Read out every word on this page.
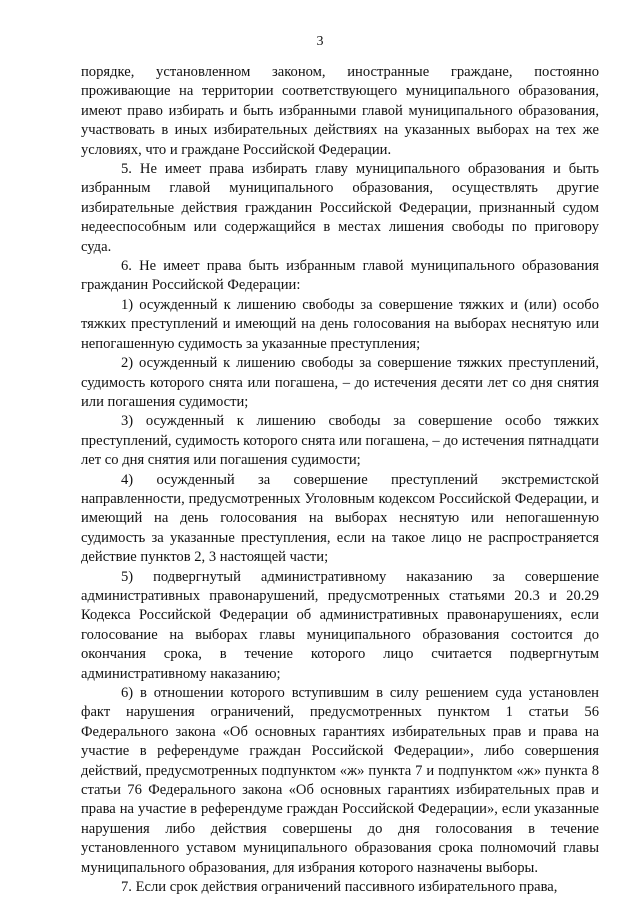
3

порядке, установленном законом, иностранные граждане, постоянно проживающие на территории соответствующего муниципального образования, имеют право избирать и быть избранными главой муниципального образования, участвовать в иных избирательных действиях на указанных выборах на тех же условиях, что и граждане Российской Федерации.

5. Не имеет права избирать главу муниципального образования и быть избранным главой муниципального образования, осуществлять другие избирательные действия гражданин Российской Федерации, признанный судом недееспособным или содержащийся в местах лишения свободы по приговору суда.

6. Не имеет права быть избранным главой муниципального образования гражданин Российской Федерации:

1) осужденный к лишению свободы за совершение тяжких и (или) особо тяжких преступлений и имеющий на день голосования на выборах неснятую или непогашенную судимость за указанные преступления;

2) осужденный к лишению свободы за совершение тяжких преступлений, судимость которого снята или погашена, – до истечения десяти лет со дня снятия или погашения судимости;

3) осужденный к лишению свободы за совершение особо тяжких преступлений, судимость которого снята или погашена, – до истечения пятнадцати лет со дня снятия или погашения судимости;

4) осужденный за совершение преступлений экстремистской направленности, предусмотренных Уголовным кодексом Российской Федерации, и имеющий на день голосования на выборах неснятую или непогашенную судимость за указанные преступления, если на такое лицо не распространяется действие пунктов 2, 3 настоящей части;

5) подвергнутый административному наказанию за совершение административных правонарушений, предусмотренных статьями 20.3 и 20.29 Кодекса Российской Федерации об административных правонарушениях, если голосование на выборах главы муниципального образования состоится до окончания срока, в течение которого лицо считается подвергнутым административному наказанию;

6) в отношении которого вступившим в силу решением суда установлен факт нарушения ограничений, предусмотренных пунктом 1 статьи 56 Федерального закона «Об основных гарантиях избирательных прав и права на участие в референдуме граждан Российской Федерации», либо совершения действий, предусмотренных подпунктом «ж» пункта 7 и подпунктом «ж» пункта 8 статьи 76 Федерального закона «Об основных гарантиях избирательных прав и права на участие в референдуме граждан Российской Федерации», если указанные нарушения либо действия совершены до дня голосования в течение установленного уставом муниципального образования срока полномочий главы муниципального образования, для избрания которого назначены выборы.

7. Если срок действия ограничений пассивного избирательного права,
